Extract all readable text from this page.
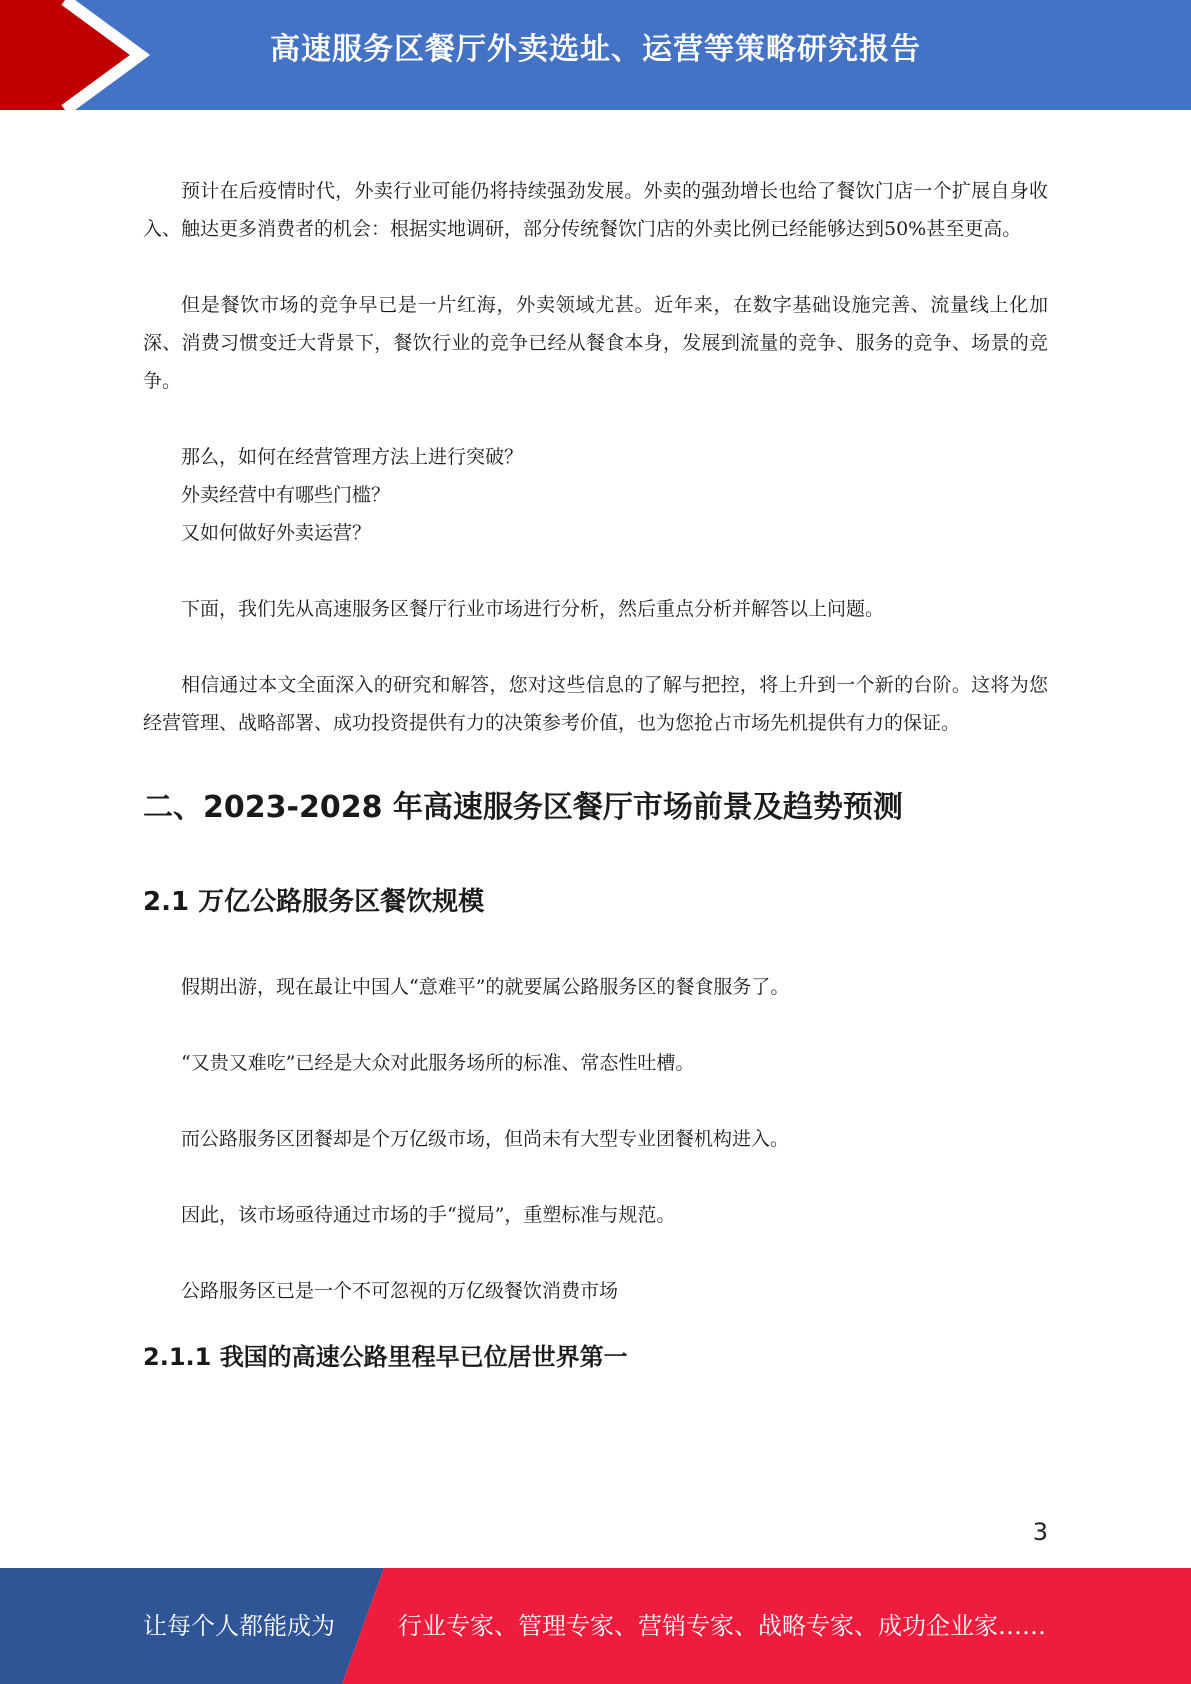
高速服务区餐厅外卖选址、运营等策略研究报告

预计在后疫情时代，外卖行业可能仍将持续强劲发展。外卖的强劲增长也给了餐饮门店一个扩展自身收入、触达更多消费者的机会：根据实地调研，部分传统餐饮门店的外卖比例已经能够达到50%甚至更高。

但是餐饮市场的竞争早已是一片红海，外卖领域尤甚。近年来，在数字基础设施完善、流量线上化加深、消费习惯变迁大背景下，餐饮行业的竞争已经从餐食本身，发展到流量的竞争、服务的竞争、场景的竞争。

那么，如何在经营管理方法上进行突破？

外卖经营中有哪些门槛？

又如何做好外卖运营？

下面，我们先从高速服务区餐厅行业市场进行分析，然后重点分析并解答以上问题。

相信通过本文全面深入的研究和解答，您对这些信息的了解与把控，将上升到一个新的台阶。这将为您经营管理、战略部署、成功投资提供有力的决策参考价值，也为您抢占市场先机提供有力的保证。

二、2023-2028 年高速服务区餐厅市场前景及趋势预测
2.1 万亿公路服务区餐饮规模

假期出游，现在最让中国人“意难平”的就要属公路服务区的餐食服务了。

“又贵又难吃”已经是大众对此服务场所的标准、常态性吐槽。

而公路服务区团餐却是个万亿级市场，但尚未有大型专业团餐机构进入。

因此，该市场亟待通过市场的手“搅局”，重塑标准与规范。

公路服务区已是一个不可忽视的万亿级餐饮消费市场

2.1.1 我国的高速公路里程早已位居世界第一
3
让每个人都能成为	行业专家、管理专家、营销专家、战略专家、成功企业家……
